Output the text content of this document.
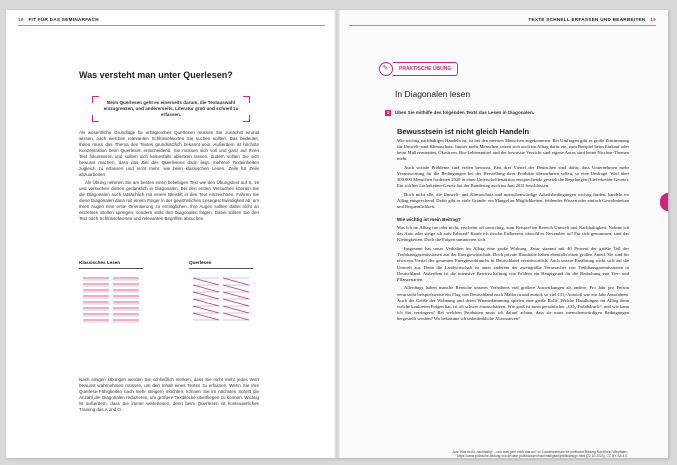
18 FIT FÜR DAS SEMINARFACH
Was versteht man unter Querlesen?
Beim Querlesen geht es einerseits darum, die Textauswahl einzugrenzen, und andererseits, Literatur grob und schnell zu erfassen.

Als wesentliche Grundlage für erfolgreiches Querlesen müssen Sie zunächst einmal wissen, nach welchen relevanten Schlüsselworten Sie suchen sollten. Das bedeutet, Ihnen muss das Thema des Textes grundsätzlich bekannt sein. Außerdem ist höchste Konzentration beim Querlesen entscheidend. Sie müssen sich voll und ganz auf Ihren Text fokussieren und sollten sich keinesfalls ablenken lassen. Zudem sollten Sie sich bewusst machen, dass das Ziel des Querlesens darin liegt, mehrere Texteinheiten zugleich zu erfassen und nicht mehr, wie beim klassischen Lesen, Zeile für Zeile abzuarbeiten.

Als Übung nehmen Sie am besten einen beliebigen Text wie den Übungstext auf S. 19 und versuchen diesen gedanklich in Diagonalen. Bei den ersten Versuchen können Sie die Diagonalen auch tatsächlich mit einem Bleistift in den Text einzeichnen. Fahren Sie diese Diagonalen dann mit einem Finger in der gewöhnlichen Lesegeschwindigkeit ab, um Ihren Augen eine erste Orientierung zu ermöglichen. Ihre Augen sollten dabei nicht an einzelnen Stellen springen, sondern strikt den Diagonalen folgen. Dabei sollten Sie den Text nach Schlüsselworten und relevanten Begriffen absuchen.

Klassisches Lesen	Querlesen

Nach einigen Übungen werden Sie schließlich merken, dass Sie nicht mehr jedes Wort bewusst wahrnehmen müssen, um den Inhalt eines Textes zu erfassen. Wenn Sie Ihre Querlese-Fähigkeiten nach mehr steigern möchten, können Sie im nächsten Schritt die Anzahl der Diagonalen reduzieren, um größere Textblöcke überfliegen zu können. Wichtig ist außerdem, dass Sie immer weiterlesen, denn beim Querlesen ist kontinuierliches Training das A und O.

TEXTE SCHNELL ERFASSEN UND BEARBEITEN 19
✎	PRAKTISCHE ÜBUNG
In Diagonalen lesen
1	Üben Sie mithilfe des folgenden Texts das Lesen in Diagonalen.
Bewusstsein ist nicht gleich Handeln

Wie wichtig nachhaltiges Handeln ist, ist bei den meisten Menschen angekommen. Bei Umfragen gibt es große Zustimmung für Umwelt- und Klimaschutz. Immer mehr Menschen setzen sich auch im Alltag dafür ein, zum Beispiel beim Einkauf oder beim Müllvermeiden. Ökostrom, Bio-Lebensmittel und der bewusste Verzicht sind eigene Autos sind keine Nischen-Themen mehr.

Auch soziale Probleme sind vielen bewusst. Fast drei Viertel der Deutschen sind dafür, dass Unternehmen mehr Verantwortung für die Bedingungen bei der Herstellung ihrer Produkte übernehmen sollen, so eine Umfrage. Weil über 300.000 Menschen forderten 2020 in einer Unterschriftenaktion entsprechende gesetzliche Regelungen (Lieferketten-Gesetz). Ein solches Lieferketten-Gesetz hat der Bundestag auch im Juni 2021 beschlossen.

Doch nicht alle, die Umwelt- und Klimaschutz und menschenwürdige Arbeitsbedingungen wichtig finden, handeln im Alltag entsprechend. Dafür gibt es viele Gründe: ein Mangel an Möglichkeiten, fehlendes Wissen oder einfach Gewohnheiten und Bequemlichkeit.

Wie wichtig ist mein Beitrag?

Was ich im Alltag tue oder nicht, erscheint oft unwichtig, zum Beispiel im Bereich Umwelt und Nachhaltigkeit: Nehme ich das Auto oder steige ich aufs Fahrrad? Kaufe ich frische Erdbeeren, obwohl es November ist? Für sich genommen, sind das Kleinigkeiten. Doch die Folgen summieren sich.

Insgesamt hat unser Verhalten im Alltag eine große Wirkung. Zwar stammt mit 40 Prozent der größte Teil der Treibhausgasemissionen aus der Energiewirtschaft. Doch private Haushalte haben ebenfalls einen großen Anteil. Sie sind für etwa ein Viertel des gesamten Energieverbrauchs in Deutschland verantwortlich. Auch unsere Ernährung wirkt sich auf die Umwelt aus. Denn die Landwirtschaft ist unter anderem der zweitgrößte Verursacher von Treibhausgasemissionen in Deutschland. Außerdem ist die intensive Bewirtschaftung von Feldern ein Hauptgrund für die Bedrohung von Tier- und Pflanzenarten.

Allerdings haben manche Bereiche unseres Verhaltens viel größere Auswirkungen als andere. Pro Jahr pro Person verursacht beispielsweise ein Flug von Deutschland nach Mallorca und zurück so viel CO₂-Ausstoß wie ein Jahr Autofahren. Auch die Größe der Wohnung und deren Wärmedämmung spielen eine große Rolle. Welche Handlungen im Alltag denn welche konkreten Folgen hat, ist oft schwer einzuschätzen. Wie groß ist mein persönlicher „CO₂-Fußabdruck“, und wie kann ich ihn verringern? Bei welchen Produkten muss ich darauf achten, dass sie unter menschenwürdigen Bedingungen hergestellt werden? Wo bekomme ich unbedenkliche Alternativen?

Aus: Was heißt „nachhaltig“ – und was geht mich das an? In: Landeszentrale für politische Bildung Nordrhein-Westfalen, https://www.politische-bildung.nrw.de/dein-politikwissen/nachhaltigkeit/politikdesign.html (22.10.2023), CC BY-SA 4.0.
